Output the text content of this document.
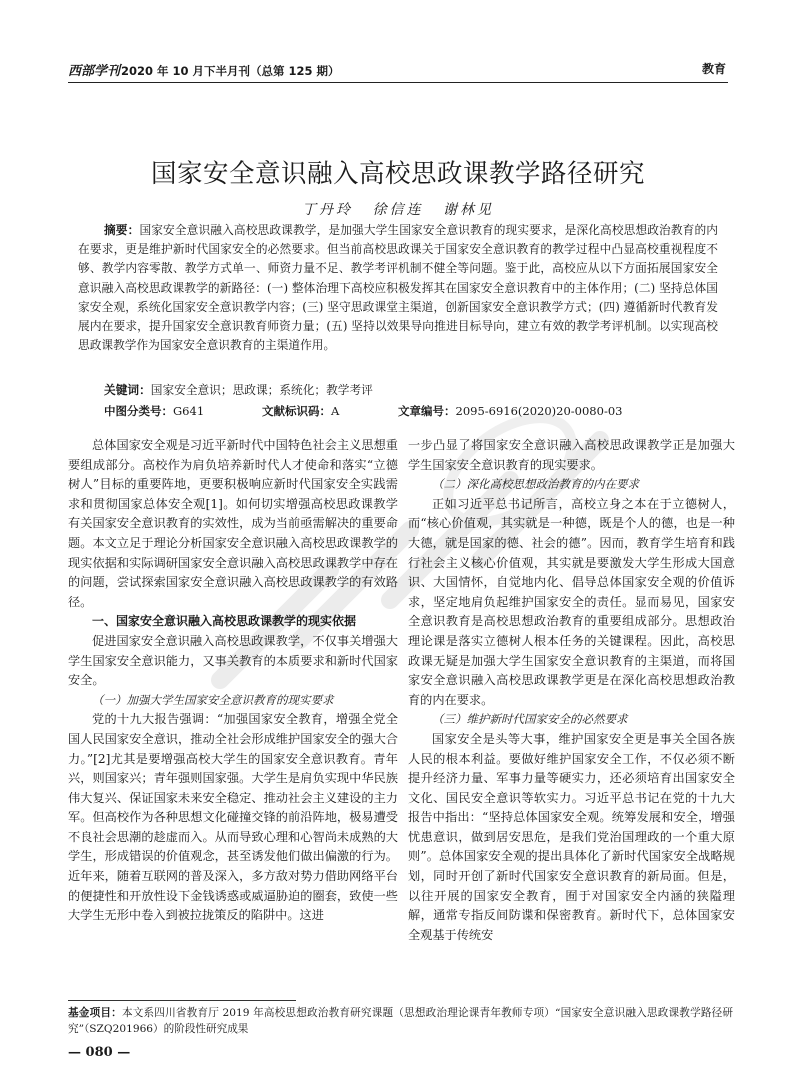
西部学刊2020 年 10 月下半月刊（总第 125 期）	教育
国家安全意识融入高校思政课教学路径研究
丁丹玲 徐信连 谢林见
摘要：国家安全意识融入高校思政课教学，是加强大学生国家安全意识教育的现实要求，是深化高校思想政治教育的内在要求，更是维护新时代国家安全的必然要求。但当前高校思政课关于国家安全意识教育的教学过程中凸显高校重视程度不够、教学内容零散、教学方式单一、师资力量不足、教学考评机制不健全等问题。鉴于此，高校应从以下方面拓展国家安全意识融入高校思政课教学的新路径：(一) 整体治理下高校应积极发挥其在国家安全意识教育中的主体作用；(二) 坚持总体国家安全观，系统化国家安全意识教学内容；(三) 坚守思政课堂主渠道，创新国家安全意识教学方式；(四) 遵循新时代教育发展内在要求，提升国家安全意识教育师资力量；(五) 坚持以效果导向推进目标导向，建立有效的教学考评机制。以实现高校思政课教学作为国家安全意识教育的主渠道作用。
关键词：国家安全意识；思政课；系统化；教学考评
中图分类号：G641	文献标识码：A	文章编号：2095-6916(2020)20-0080-03

总体国家安全观是习近平新时代中国特色社会主义思想重要组成部分。高校作为肩负培养新时代人才使命和落实“立德树人”目标的重要阵地，更要积极响应新时代国家安全实践需求和贯彻国家总体安全观[1]。如何切实增强高校思政课教学有关国家安全意识教育的实效性，成为当前亟需解决的重要命题。本文立足于理论分析国家安全意识融入高校思政课教学的现实依据和实际调研国家安全意识融入高校思政课教学中存在的问题，尝试探索国家安全意识融入高校思政课教学的有效路径。

一、国家安全意识融入高校思政课教学的现实依据

促进国家安全意识融入高校思政课教学，不仅事关增强大学生国家安全意识能力，又事关教育的本质要求和新时代国家安全。

（一）加强大学生国家安全意识教育的现实要求

党的十九大报告强调：“加强国家安全教育，增强全党全国人民国家安全意识，推动全社会形成维护国家安全的强大合力。”[2]尤其是要增强高校大学生的国家安全意识教育。青年兴，则国家兴；青年强则国家强。大学生是肩负实现中华民族伟大复兴、保证国家未来安全稳定、推动社会主义建设的主力军。但高校作为各种思想文化碰撞交锋的前沿阵地，极易遭受不良社会思潮的趁虚而入。从而导致心理和心智尚未成熟的大学生，形成错误的价值观念，甚至诱发他们做出偏激的行为。近年来，随着互联网的普及深入，多方敌对势力借助网络平台的便捷性和开放性设下金钱诱惑或威逼胁迫的圈套，致使一些大学生无形中卷入到被拉拢策反的陷阱中。这进

一步凸显了将国家安全意识融入高校思政课教学正是加强大学生国家安全意识教育的现实要求。

（二）深化高校思想政治教育的内在要求

正如习近平总书记所言，高校立身之本在于立德树人，而“核心价值观，其实就是一种德，既是个人的德，也是一种大德，就是国家的德、社会的德”。因而，教育学生培育和践行社会主义核心价值观，其实就是要激发大学生形成大国意识、大国情怀，自觉地内化、倡导总体国家安全观的价值诉求，坚定地肩负起维护国家安全的责任。显而易见，国家安全意识教育是高校思想政治教育的重要组成部分。思想政治理论课是落实立德树人根本任务的关键课程。因此，高校思政课无疑是加强大学生国家安全意识教育的主渠道，而将国家安全意识融入高校思政课教学更是在深化高校思想政治教育的内在要求。

（三）维护新时代国家安全的必然要求

国家安全是头等大事，维护国家安全更是事关全国各族人民的根本利益。要做好维护国家安全工作，不仅必须不断提升经济力量、军事力量等硬实力，还必须培育出国家安全文化、国民安全意识等软实力。习近平总书记在党的十九大报告中指出：“坚持总体国家安全观。统筹发展和安全，增强忧患意识，做到居安思危，是我们党治国理政的一个重大原则”。总体国家安全观的提出具体化了新时代国家安全战略规划，同时开创了新时代国家安全意识教育的新局面。但是，以往开展的国家安全教育，囿于对国家安全内涵的狭隘理解，通常专指反间防谍和保密教育。新时代下，总体国家安全观基于传统安

基金项目：本文系四川省教育厅 2019 年高校思想政治教育研究课题（思想政治理论课青年教师专项）“国家安全意识融入思政课教学路径研究”（SZQ201966）的阶段性研究成果
— 080 —
